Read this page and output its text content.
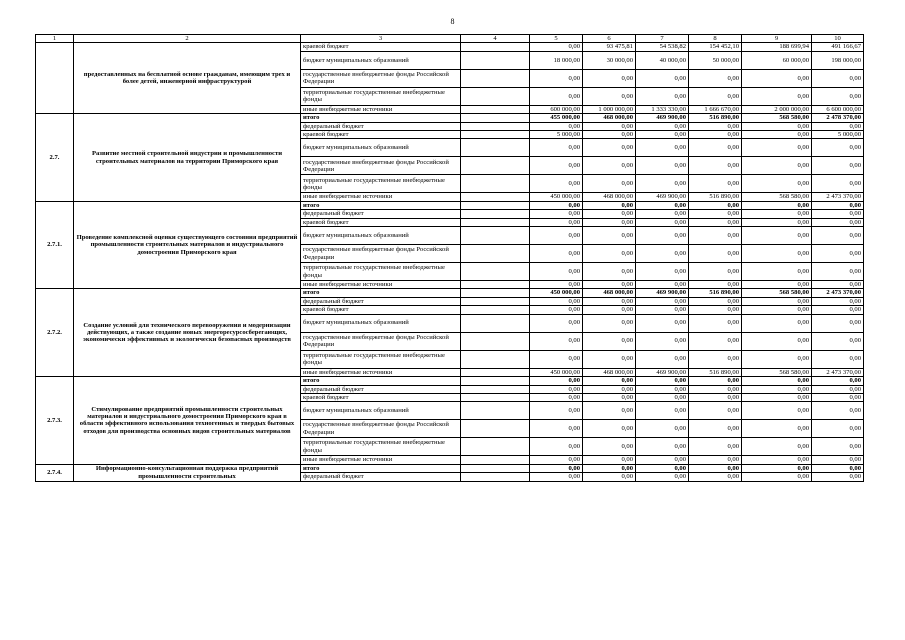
8
1	2	3	4	5	6	7	8	9	10
	предоставленных на бесплатной основе гражданам, имеющим трех и более детей, инженерной инфраструктурой	краевой бюджет		0,00	93 475,81	54 538,82	154 452,10	188 699,94	491 166,67
		бюджет муниципальных образований		18 000,00	30 000,00	40 000,00	50 000,00	60 000,00	198 000,00
		государственные внебюджетные фонды Российской Федерации		0,00	0,00	0,00	0,00	0,00	0,00
		территориальные государственные внебюджетные фонды		0,00	0,00	0,00	0,00	0,00	0,00
		иные внебюджетные источники		600 000,00	1 000 000,00	1 333 330,00	1 666 670,00	2 000 000,00	6 600 000,00
2.7.	Развитие местной строительной индустрии и промышленности строительных материалов на территории Приморского края	итого		455 000,00	468 000,00	469 900,00	516 890,00	568 580,00	2 478 370,00
		федеральный бюджет		0,00	0,00	0,00	0,00	0,00	0,00
		краевой бюджет		5 000,00	0,00	0,00	0,00	0,00	5 000,00
		бюджет муниципальных образований		0,00	0,00	0,00	0,00	0,00	0,00
		государственные внебюджетные фонды Российской Федерации		0,00	0,00	0,00	0,00	0,00	0,00
		территориальные государственные внебюджетные фонды		0,00	0,00	0,00	0,00	0,00	0,00
		иные внебюджетные источники		450 000,00	468 000,00	469 900,00	516 890,00	568 580,00	2 473 370,00
2.7.1.	Проведение комплексной оценки существующего состояния предприятий промышленности строительных материалов и индустриального домостроения Приморского края	итого		0,00	0,00	0,00	0,00	0,00	0,00
		федеральный бюджет		0,00	0,00	0,00	0,00	0,00	0,00
		краевой бюджет		0,00	0,00	0,00	0,00	0,00	0,00
		бюджет муниципальных образований		0,00	0,00	0,00	0,00	0,00	0,00
		государственные внебюджетные фонды Российской Федерации		0,00	0,00	0,00	0,00	0,00	0,00
		территориальные государственные внебюджетные фонды		0,00	0,00	0,00	0,00	0,00	0,00
		иные внебюджетные источники		0,00	0,00	0,00	0,00	0,00	0,00
2.7.2.	Создание условий для технического перевооружения и модернизации действующих, а также создание новых энергоресурсосберегающих, экономически эффективных и экологически безопасных производств	итого		450 000,00	468 000,00	469 900,00	516 890,00	568 580,00	2 473 370,00
		федеральный бюджет		0,00	0,00	0,00	0,00	0,00	0,00
		краевой бюджет		0,00	0,00	0,00	0,00	0,00	0,00
		бюджет муниципальных образований		0,00	0,00	0,00	0,00	0,00	0,00
		государственные внебюджетные фонды Российской Федерации		0,00	0,00	0,00	0,00	0,00	0,00
		территориальные государственные внебюджетные фонды		0,00	0,00	0,00	0,00	0,00	0,00
		иные внебюджетные источники		450 000,00	468 000,00	469 900,00	516 890,00	568 580,00	2 473 370,00
2.7.3.	Стимулирование предприятий промышленности строительных материалов и индустриального домостроения Приморского края в области эффективного использования техногенных и твердых бытовых отходов для производства основных видов строительных материалов	итого		0,00	0,00	0,00	0,00	0,00	0,00
		федеральный бюджет		0,00	0,00	0,00	0,00	0,00	0,00
		краевой бюджет		0,00	0,00	0,00	0,00	0,00	0,00
		бюджет муниципальных образований		0,00	0,00	0,00	0,00	0,00	0,00
		государственные внебюджетные фонды Российской Федерации		0,00	0,00	0,00	0,00	0,00	0,00
		территориальные государственные внебюджетные фонды		0,00	0,00	0,00	0,00	0,00	0,00
		иные внебюджетные источники		0,00	0,00	0,00	0,00	0,00	0,00
2.7.4.	Информационно-консультационная поддержка предприятий промышленности строительных	итого		0,00	0,00	0,00	0,00	0,00	0,00
		федеральный бюджет		0,00	0,00	0,00	0,00	0,00	0,00
